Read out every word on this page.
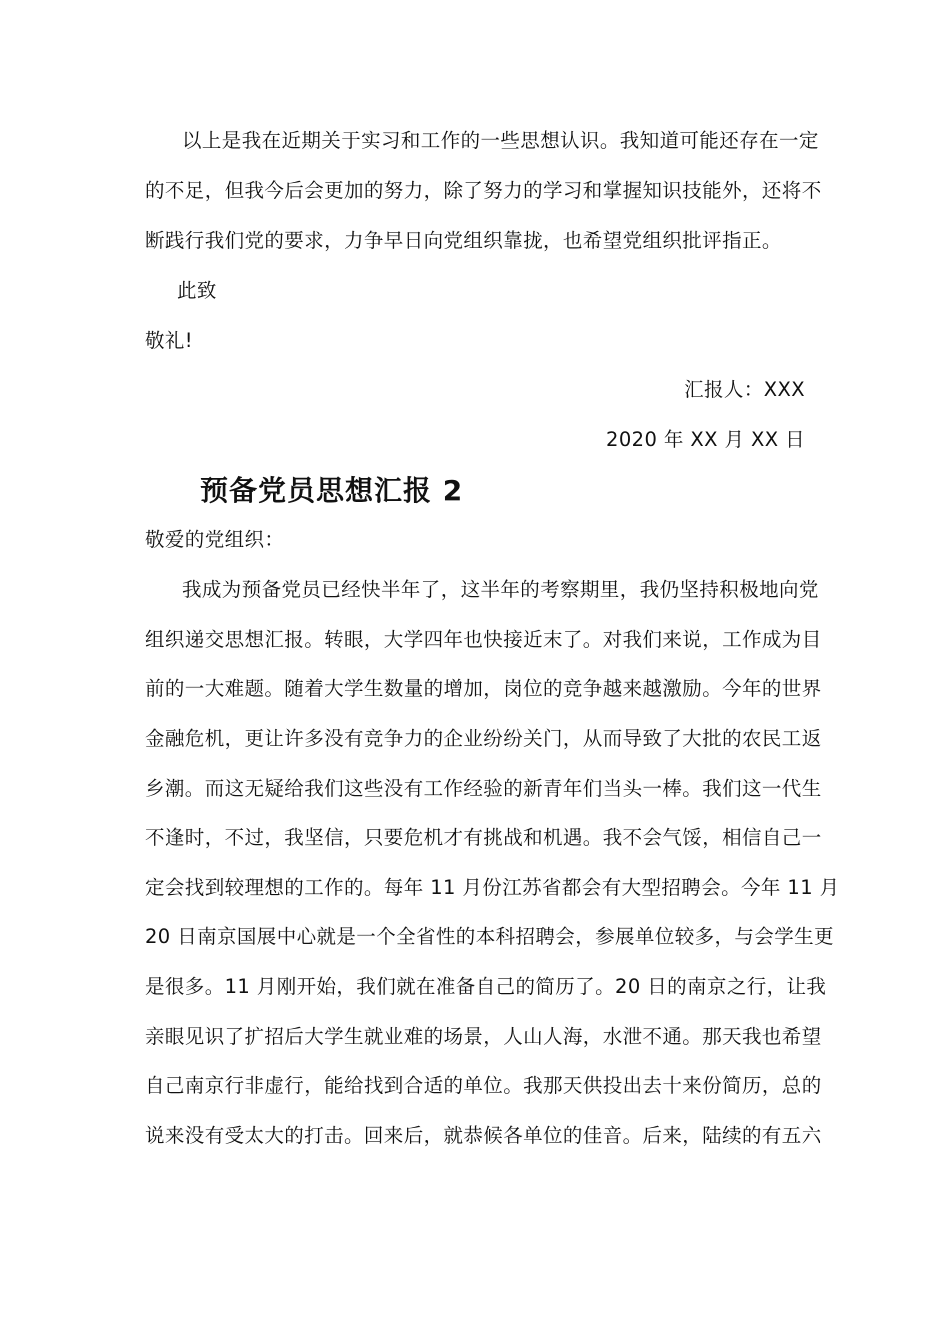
以上是我在近期关于实习和工作的一些思想认识。我知道可能还存在一定
的不足，但我今后会更加的努力，除了努力的学习和掌握知识技能外，还将不
断践行我们党的要求，力争早日向党组织靠拢，也希望党组织批评指正。
此致
敬礼!
汇报人：XXX
2020 年 XX 月 XX 日
预备党员思想汇报 2
敬爱的党组织：
我成为预备党员已经快半年了，这半年的考察期里，我仍坚持积极地向党
组织递交思想汇报。转眼，大学四年也快接近末了。对我们来说，工作成为目
前的一大难题。随着大学生数量的增加，岗位的竞争越来越激励。今年的世界
金融危机，更让许多没有竞争力的企业纷纷关门，从而导致了大批的农民工返
乡潮。而这无疑给我们这些没有工作经验的新青年们当头一棒。我们这一代生
不逢时，不过，我坚信，只要危机才有挑战和机遇。我不会气馁，相信自己一
定会找到较理想的工作的。每年 11 月份江苏省都会有大型招聘会。今年 11 月
20 日南京国展中心就是一个全省性的本科招聘会，参展单位较多，与会学生更
是很多。11 月刚开始，我们就在准备自己的简历了。20 日的南京之行，让我
亲眼见识了扩招后大学生就业难的场景，人山人海，水泄不通。那天我也希望
自己南京行非虚行，能给找到合适的单位。我那天供投出去十来份简历，总的
说来没有受太大的打击。回来后，就恭候各单位的佳音。后来，陆续的有五六
